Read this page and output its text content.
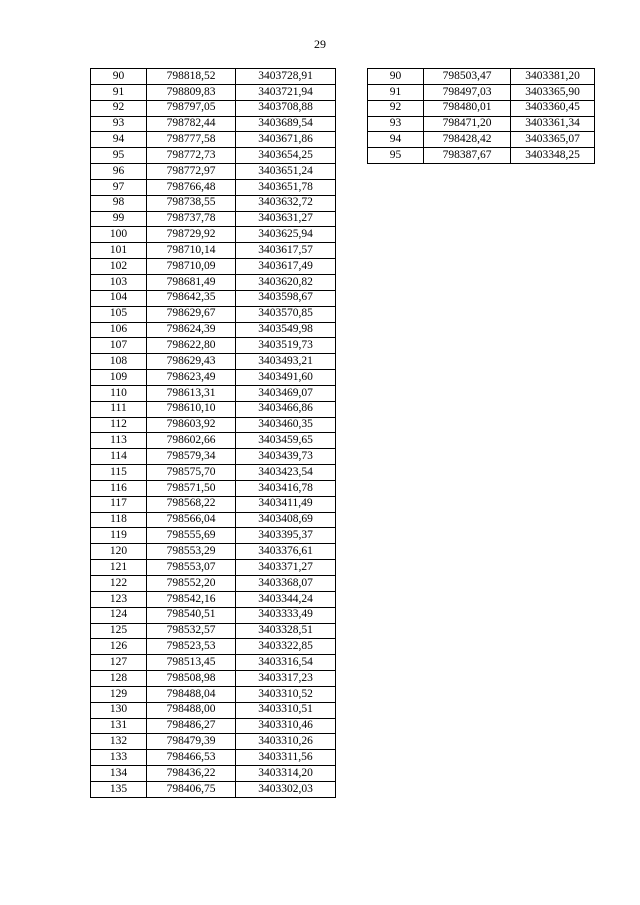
29
90	798818,52	3403728,91
91	798809,83	3403721,94
92	798797,05	3403708,88
93	798782,44	3403689,54
94	798777,58	3403671,86
95	798772,73	3403654,25
96	798772,97	3403651,24
97	798766,48	3403651,78
98	798738,55	3403632,72
99	798737,78	3403631,27
100	798729,92	3403625,94
101	798710,14	3403617,57
102	798710,09	3403617,49
103	798681,49	3403620,82
104	798642,35	3403598,67
105	798629,67	3403570,85
106	798624,39	3403549,98
107	798622,80	3403519,73
108	798629,43	3403493,21
109	798623,49	3403491,60
110	798613,31	3403469,07
111	798610,10	3403466,86
112	798603,92	3403460,35
113	798602,66	3403459,65
114	798579,34	3403439,73
115	798575,70	3403423,54
116	798571,50	3403416,78
117	798568,22	3403411,49
118	798566,04	3403408,69
119	798555,69	3403395,37
120	798553,29	3403376,61
121	798553,07	3403371,27
122	798552,20	3403368,07
123	798542,16	3403344,24
124	798540,51	3403333,49
125	798532,57	3403328,51
126	798523,53	3403322,85
127	798513,45	3403316,54
128	798508,98	3403317,23
129	798488,04	3403310,52
130	798488,00	3403310,51
131	798486,27	3403310,46
132	798479,39	3403310,26
133	798466,53	3403311,56
134	798436,22	3403314,20
135	798406,75	3403302,03
90	798503,47	3403381,20
91	798497,03	3403365,90
92	798480,01	3403360,45
93	798471,20	3403361,34
94	798428,42	3403365,07
95	798387,67	3403348,25
